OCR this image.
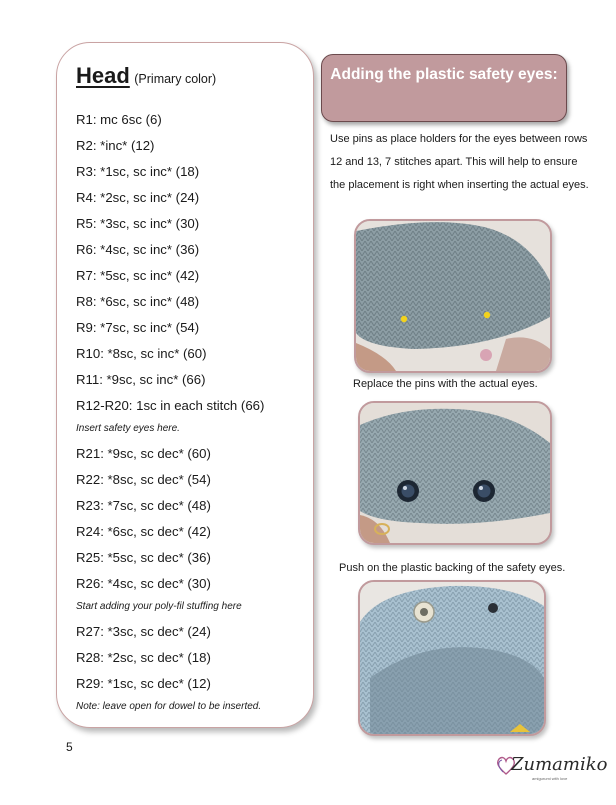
Head (Primary color)
R1: mc 6sc (6)
R2: *inc* (12)
R3: *1sc, sc inc* (18)
R4: *2sc, sc inc* (24)
R5: *3sc, sc inc* (30)
R6: *4sc, sc inc* (36)
R7: *5sc, sc inc* (42)
R8: *6sc, sc inc* (48)
R9: *7sc, sc inc* (54)
R10: *8sc, sc inc* (60)
R11: *9sc, sc inc* (66)
R12-R20: 1sc in each stitch (66)
Insert safety eyes here.
R21: *9sc, sc dec* (60)
R22: *8sc, sc dec* (54)
R23: *7sc, sc dec* (48)
R24: *6sc, sc dec* (42)
R25: *5sc, sc dec* (36)
R26: *4sc, sc dec* (30)
Start adding your poly-fil stuffing here
R27: *3sc, sc dec* (24)
R28: *2sc, sc dec* (18)
R29: *1sc, sc dec* (12)
Note: leave open for dowel to be inserted.
Adding the plastic safety eyes:
Use pins as place holders for the eyes between rows 12 and 13, 7 stitches apart. This will help to ensure the placement is right when inserting the actual eyes.
Replace the pins with the actual eyes.
Push on the plastic backing of the safety eyes.
5
Zumamiko
amigurumi with love
